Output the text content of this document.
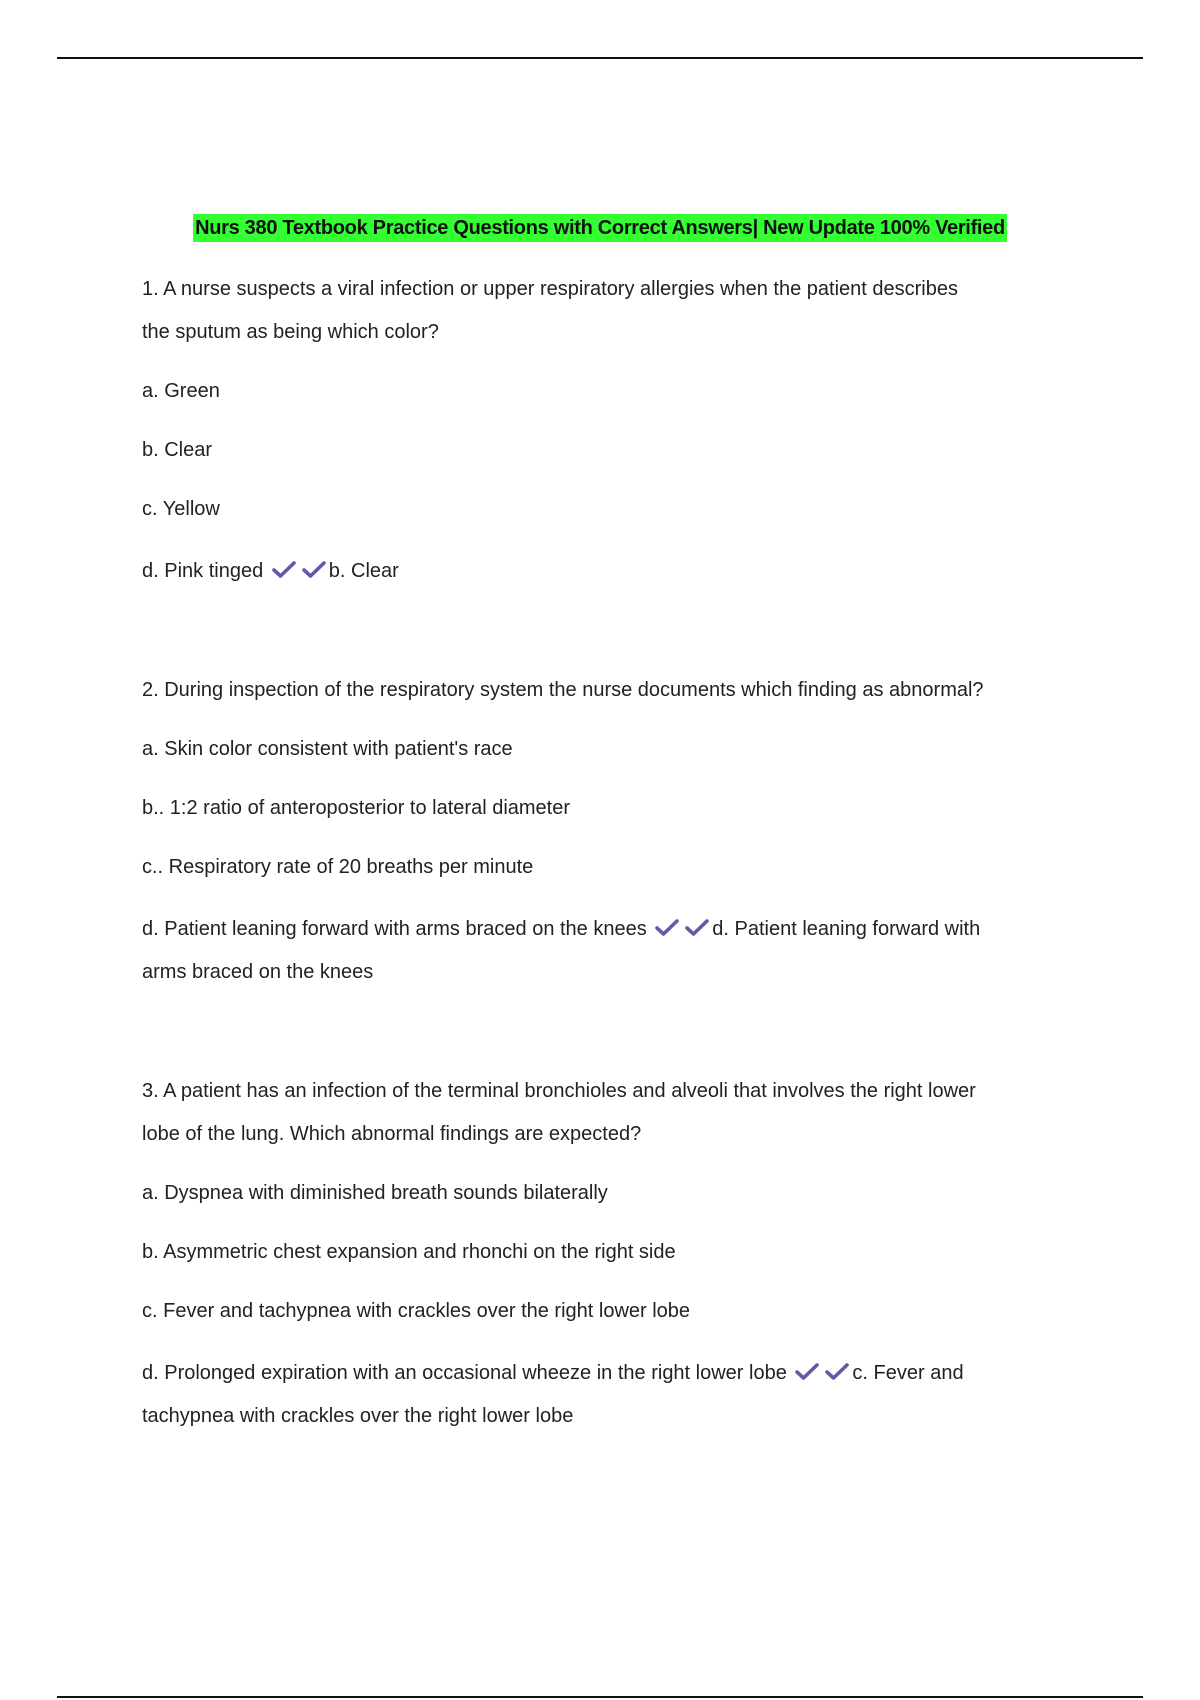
Nurs 380 Textbook Practice Questions with Correct Answers| New Update 100% Verified
1. A nurse suspects a viral infection or upper respiratory allergies when the patient describes
the sputum as being which color?
a. Green
b. Clear
c. Yellow
d. Pink tinged	b. Clear
2. During inspection of the respiratory system the nurse documents which finding as abnormal?
a. Skin color consistent with patient's race
b.. 1:2 ratio of anteroposterior to lateral diameter
c.. Respiratory rate of 20 breaths per minute
d. Patient leaning forward with arms braced on the knees	d. Patient leaning forward with
arms braced on the knees
3. A patient has an infection of the terminal bronchioles and alveoli that involves the right lower
lobe of the lung. Which abnormal findings are expected?
a. Dyspnea with diminished breath sounds bilaterally
b. Asymmetric chest expansion and rhonchi on the right side
c. Fever and tachypnea with crackles over the right lower lobe
d. Prolonged expiration with an occasional wheeze in the right lower lobe	c. Fever and
tachypnea with crackles over the right lower lobe
